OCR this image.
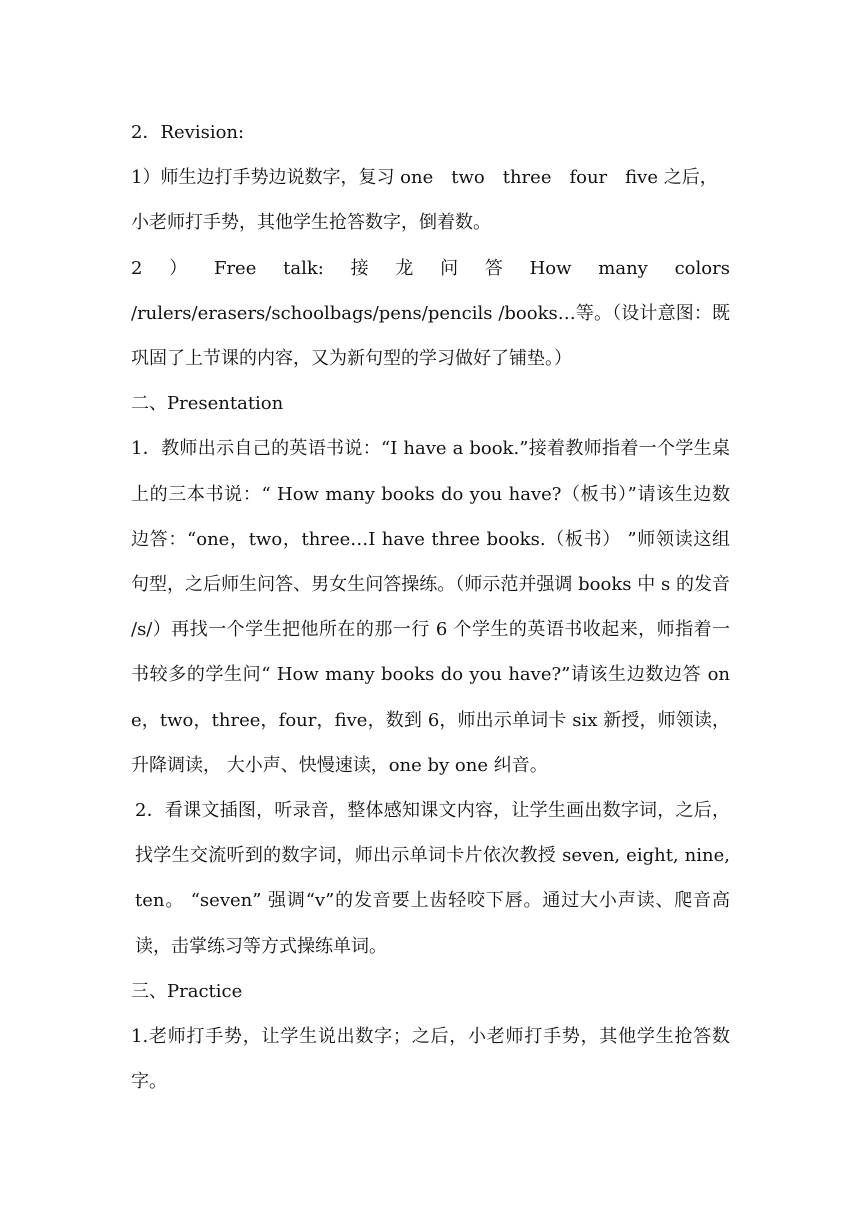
2．Revision:

1）师生边打手势边说数字，复习 one　two　three　four　five 之后，

小老师打手势，其他学生抢答数字，倒着数。

2 ） Free talk: 接 龙 问 答 How many colors

/rulers/erasers/schoolbags/pens/pencils /books…等。（设计意图：既巩固了上节课的内容，又为新句型的学习做好了铺垫。）

二、Presentation

1．教师出示自己的英语书说：“I have a book.”接着教师指着一个学生桌上的三本书说：“ How many books do you have?（板书）”请该生边数边答：“one，two，three…I have three books.（板书） ”师领读这组句型，之后师生问答、男女生问答操练。（师示范并强调 books 中 s 的发音 /s/）再找一个学生把他所在的那一行 6 个学生的英语书收起来，师指着一书较多的学生问“ How many books do you have?”请该生边数边答 one，two，three，four，five，数到 6，师出示单词卡 six 新授，师领读，升降调读， 大小声、快慢速读，one by one 纠音。

2．看课文插图，听录音，整体感知课文内容，让学生画出数字词，之后，找学生交流听到的数字词，师出示单词卡片依次教授 seven, eight, nine, ten。 “seven” 强调“v”的发音要上齿轻咬下唇。通过大小声读、爬音高读，击掌练习等方式操练单词。

三、Practice

1.老师打手势，让学生说出数字；之后，小老师打手势，其他学生抢答数字。
